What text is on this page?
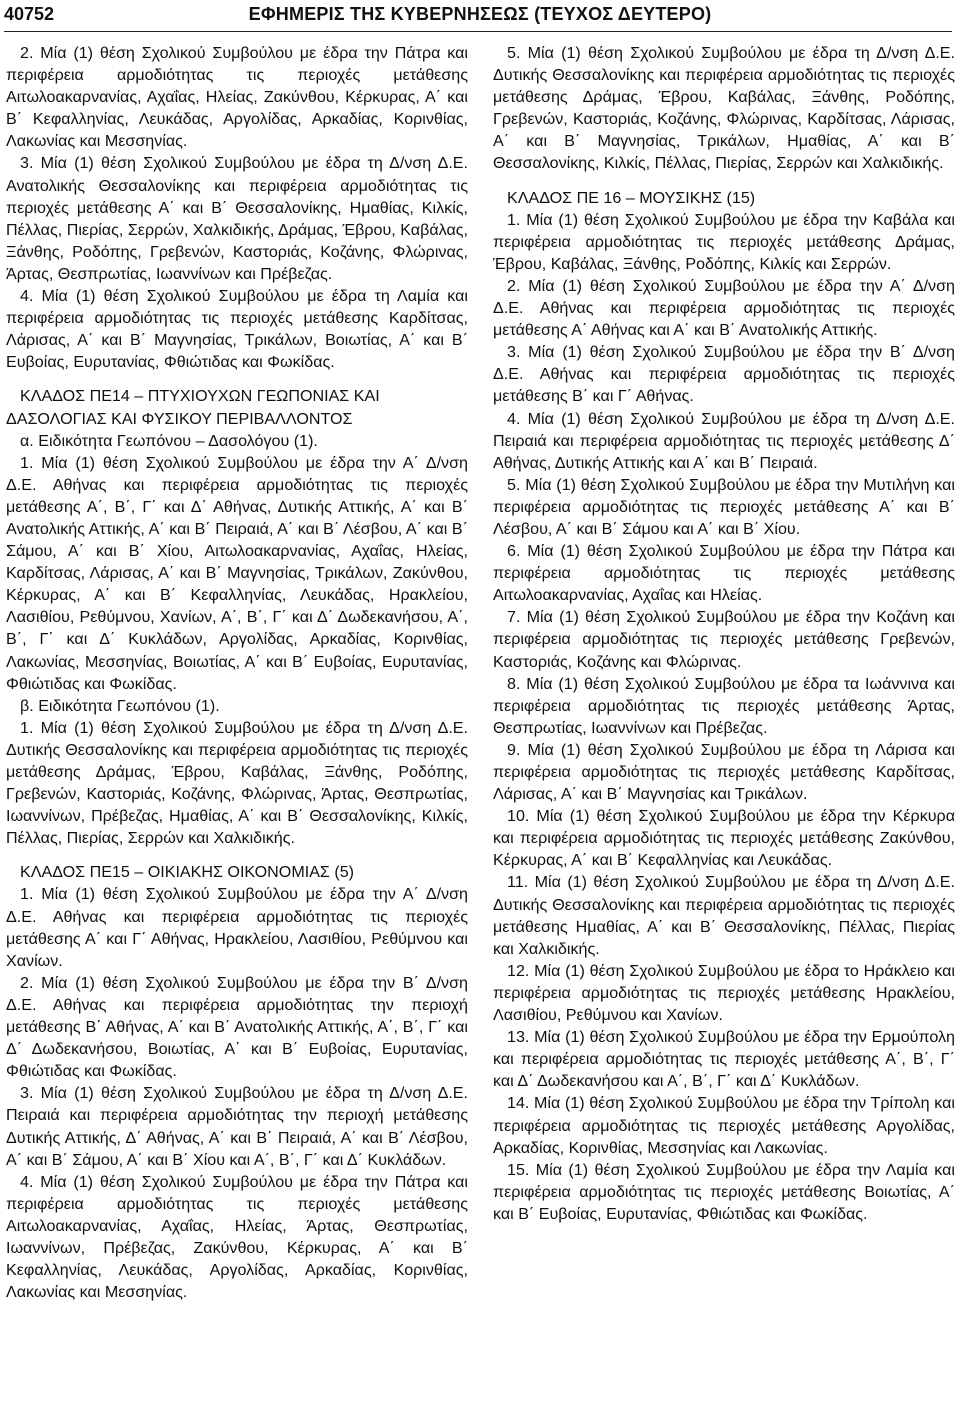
40752	ΕΦΗΜΕΡΙΣ ΤΗΣ ΚΥΒΕΡΝΗΣΕΩΣ (ΤΕΥΧΟΣ ΔΕΥΤΕΡΟ)

2. Μία (1) θέση Σχολικού Συμβούλου με έδρα την Πάτρα και περιφέρεια αρμοδιότητας τις περιοχές μετάθεσης Αιτωλοακαρνανίας, Αχαΐας, Ηλείας, Ζακύνθου, Κέρκυρας, Α΄ και Β΄ Κεφαλληνίας, Λευκάδας, Αργολίδας, Αρκαδίας, Κορινθίας, Λακωνίας και Μεσσηνίας.

3. Μία (1) θέση Σχολικού Συμβούλου με έδρα τη Δ/νση Δ.Ε. Ανατολικής Θεσσαλονίκης και περιφέρεια αρμοδιότητας τις περιοχές μετάθεσης Α΄ και Β΄ Θεσσαλονίκης, Ημαθίας, Κιλκίς, Πέλλας, Πιερίας, Σερρών, Χαλκιδικής, Δράμας, Έβρου, Καβάλας, Ξάνθης, Ροδόπης, Γρεβενών, Καστοριάς, Κοζάνης, Φλώρινας, Άρτας, Θεσπρωτίας, Ιωαννίνων και Πρέβεζας.

4. Μία (1) θέση Σχολικού Συμβούλου με έδρα τη Λαμία και περιφέρεια αρμοδιότητας τις περιοχές μετάθεσης Καρδίτσας, Λάρισας, Α΄ και Β΄ Μαγνησίας, Τρικάλων, Βοιωτίας, Α΄ και Β΄ Ευβοίας, Ευρυτανίας, Φθιώτιδας και Φωκίδας.

ΚΛΑΔΟΣ ΠΕ14 – ΠΤΥΧΙΟΥΧΩΝ ΓΕΩΠΟΝΙΑΣ ΚΑΙ ΔΑΣΟΛΟΓΙΑΣ ΚΑΙ ΦΥΣΙΚΟΥ ΠΕΡΙΒΑΛΛΟΝΤΟΣ

α. Ειδικότητα Γεωπόνου – Δασολόγου (1).

1. Μία (1) θέση Σχολικού Συμβούλου με έδρα την Α΄ Δ/νση Δ.Ε. Αθήνας και περιφέρεια αρμοδιότητας τις περιοχές μετάθεσης Α΄, Β΄, Γ΄ και Δ΄ Αθήνας, Δυτικής Αττικής, Α΄ και Β΄ Ανατολικής Αττικής, Α΄ και Β΄ Πειραιά, Α΄ και Β΄ Λέσβου, Α΄ και Β΄ Σάμου, Α΄ και Β΄ Χίου, Αιτωλοακαρνανίας, Αχαΐας, Ηλείας, Καρδίτσας, Λάρισας, Α΄ και Β΄ Μαγνησίας, Τρικάλων, Ζακύνθου, Κέρκυρας, Α΄ και Β΄ Κεφαλληνίας, Λευκάδας, Ηρακλείου, Λασιθίου, Ρεθύμνου, Χανίων, Α΄, Β΄, Γ΄ και Δ΄ Δωδεκανήσου, Α΄, Β΄, Γ΄ και Δ΄ Κυκλάδων, Αργολίδας, Αρκαδίας, Κορινθίας, Λακωνίας, Μεσσηνίας, Βοιωτίας, Α΄ και Β΄ Ευβοίας, Ευρυτανίας, Φθιώτιδας και Φωκίδας.

β. Ειδικότητα Γεωπόνου (1).

1. Μία (1) θέση Σχολικού Συμβούλου με έδρα τη Δ/νση Δ.Ε. Δυτικής Θεσσαλονίκης και περιφέρεια αρμοδιότητας τις περιοχές μετάθεσης Δράμας, Έβρου, Καβάλας, Ξάνθης, Ροδόπης, Γρεβενών, Καστοριάς, Κοζάνης, Φλώρινας, Άρτας, Θεσπρωτίας, Ιωαννίνων, Πρέβεζας, Ημαθίας, Α΄ και Β΄ Θεσσαλονίκης, Κιλκίς, Πέλλας, Πιερίας, Σερρών και Χαλκιδικής.

ΚΛΑΔΟΣ ΠΕ15 – ΟΙΚΙΑΚΗΣ ΟΙΚΟΝΟΜΙΑΣ (5)

1. Μία (1) θέση Σχολικού Συμβούλου με έδρα την Α΄ Δ/νση Δ.Ε. Αθήνας και περιφέρεια αρμοδιότητας τις περιοχές μετάθεσης Α΄ και Γ΄ Αθήνας, Ηρακλείου, Λασιθίου, Ρεθύμνου και Χανίων.

2. Μία (1) θέση Σχολικού Συμβούλου με έδρα την Β΄ Δ/νση Δ.Ε. Αθήνας και περιφέρεια αρμοδιότητας την περιοχή μετάθεσης Β΄ Αθήνας, Α΄ και Β΄ Ανατολικής Αττικής, Α΄, Β΄, Γ΄ και Δ΄ Δωδεκανήσου, Βοιωτίας, Α΄ και Β΄ Ευβοίας, Ευρυτανίας, Φθιώτιδας και Φωκίδας.

3. Μία (1) θέση Σχολικού Συμβούλου με έδρα τη Δ/νση Δ.Ε. Πειραιά και περιφέρεια αρμοδιότητας την περιοχή μετάθεσης Δυτικής Αττικής, Δ΄ Αθήνας, Α΄ και Β΄ Πειραιά, Α΄ και Β΄ Λέσβου, Α΄ και Β΄ Σάμου, Α΄ και Β΄ Χίου και Α΄, Β΄, Γ΄ και Δ΄ Κυκλάδων.

4. Μία (1) θέση Σχολικού Συμβούλου με έδρα την Πάτρα και περιφέρεια αρμοδιότητας τις περιοχές μετάθεσης Αιτωλοακαρνανίας, Αχαΐας, Ηλείας, Άρτας, Θεσπρωτίας, Ιωαννίνων, Πρέβεζας, Ζακύνθου, Κέρκυρας, Α΄ και Β΄ Κεφαλληνίας, Λευκάδας, Αργολίδας, Αρκαδίας, Κορινθίας, Λακωνίας και Μεσσηνίας.

5. Μία (1) θέση Σχολικού Συμβούλου με έδρα τη Δ/νση Δ.Ε. Δυτικής Θεσσαλονίκης και περιφέρεια αρμοδιότητας τις περιοχές μετάθεσης Δράμας, Έβρου, Καβάλας, Ξάνθης, Ροδόπης, Γρεβενών, Καστοριάς, Κοζάνης, Φλώρινας, Καρδίτσας, Λάρισας, Α΄ και Β΄ Μαγνησίας, Τρικάλων, Ημαθίας, Α΄ και Β΄ Θεσσαλονίκης, Κιλκίς, Πέλλας, Πιερίας, Σερρών και Χαλκιδικής.

ΚΛΑΔΟΣ ΠΕ 16 – ΜΟΥΣΙΚΗΣ (15)

1. Μία (1) θέση Σχολικού Συμβούλου με έδρα την Καβάλα και περιφέρεια αρμοδιότητας τις περιοχές μετάθεσης Δράμας, Έβρου, Καβάλας, Ξάνθης, Ροδόπης, Κιλκίς και Σερρών.

2. Μία (1) θέση Σχολικού Συμβούλου με έδρα την Α΄ Δ/νση Δ.Ε. Αθήνας και περιφέρεια αρμοδιότητας τις περιοχές μετάθεσης Α΄ Αθήνας και Α΄ και Β΄ Ανατολικής Αττικής.

3. Μία (1) θέση Σχολικού Συμβούλου με έδρα την Β΄ Δ/νση Δ.Ε. Αθήνας και περιφέρεια αρμοδιότητας τις περιοχές μετάθεσης Β΄ και Γ΄ Αθήνας.

4. Μία (1) θέση Σχολικού Συμβούλου με έδρα τη Δ/νση Δ.Ε. Πειραιά και περιφέρεια αρμοδιότητας τις περιοχές μετάθεσης Δ΄ Αθήνας, Δυτικής Αττικής και Α΄ και Β΄ Πειραιά.

5. Μία (1) θέση Σχολικού Συμβούλου με έδρα την Μυτιλήνη και περιφέρεια αρμοδιότητας τις περιοχές μετάθεσης Α΄ και Β΄ Λέσβου, Α΄ και Β΄ Σάμου και Α΄ και Β΄ Χίου.

6. Μία (1) θέση Σχολικού Συμβούλου με έδρα την Πάτρα και περιφέρεια αρμοδιότητας τις περιοχές μετάθεσης Αιτωλοακαρνανίας, Αχαΐας και Ηλείας.

7. Μία (1) θέση Σχολικού Συμβούλου με έδρα την Κοζάνη και περιφέρεια αρμοδιότητας τις περιοχές μετάθεσης Γρεβενών, Καστοριάς, Κοζάνης και Φλώρινας.

8. Μία (1) θέση Σχολικού Συμβούλου με έδρα τα Ιωάννινα και περιφέρεια αρμοδιότητας τις περιοχές μετάθεσης Άρτας, Θεσπρωτίας, Ιωαννίνων και Πρέβεζας.

9. Μία (1) θέση Σχολικού Συμβούλου με έδρα τη Λάρισα και περιφέρεια αρμοδιότητας τις περιοχές μετάθεσης Καρδίτσας, Λάρισας, Α΄ και Β΄ Μαγνησίας και Τρικάλων.

10. Μία (1) θέση Σχολικού Συμβούλου με έδρα την Κέρκυρα και περιφέρεια αρμοδιότητας τις περιοχές μετάθεσης Ζακύνθου, Κέρκυρας, Α΄ και Β΄ Κεφαλληνίας και Λευκάδας.

11. Μία (1) θέση Σχολικού Συμβούλου με έδρα τη Δ/νση Δ.Ε. Δυτικής Θεσσαλονίκης και περιφέρεια αρμοδιότητας τις περιοχές μετάθεσης Ημαθίας, Α΄ και Β΄ Θεσσαλονίκης, Πέλλας, Πιερίας και Χαλκιδικής.

12. Μία (1) θέση Σχολικού Συμβούλου με έδρα το Ηράκλειο και περιφέρεια αρμοδιότητας τις περιοχές μετάθεσης Ηρακλείου, Λασιθίου, Ρεθύμνου και Χανίων.

13. Μία (1) θέση Σχολικού Συμβούλου με έδρα την Ερμούπολη και περιφέρεια αρμοδιότητας τις περιοχές μετάθεσης Α΄, Β΄, Γ΄ και Δ΄ Δωδεκανήσου και Α΄, Β΄, Γ΄ και Δ΄ Κυκλάδων.

14. Μία (1) θέση Σχολικού Συμβούλου με έδρα την Τρίπολη και περιφέρεια αρμοδιότητας τις περιοχές μετάθεσης Αργολίδας, Αρκαδίας, Κορινθίας, Μεσσηνίας και Λακωνίας.

15. Μία (1) θέση Σχολικού Συμβούλου με έδρα την Λαμία και περιφέρεια αρμοδιότητας τις περιοχές μετάθεσης Βοιωτίας, Α΄ και Β΄ Ευβοίας, Ευρυτανίας, Φθιώτιδας και Φωκίδας.
